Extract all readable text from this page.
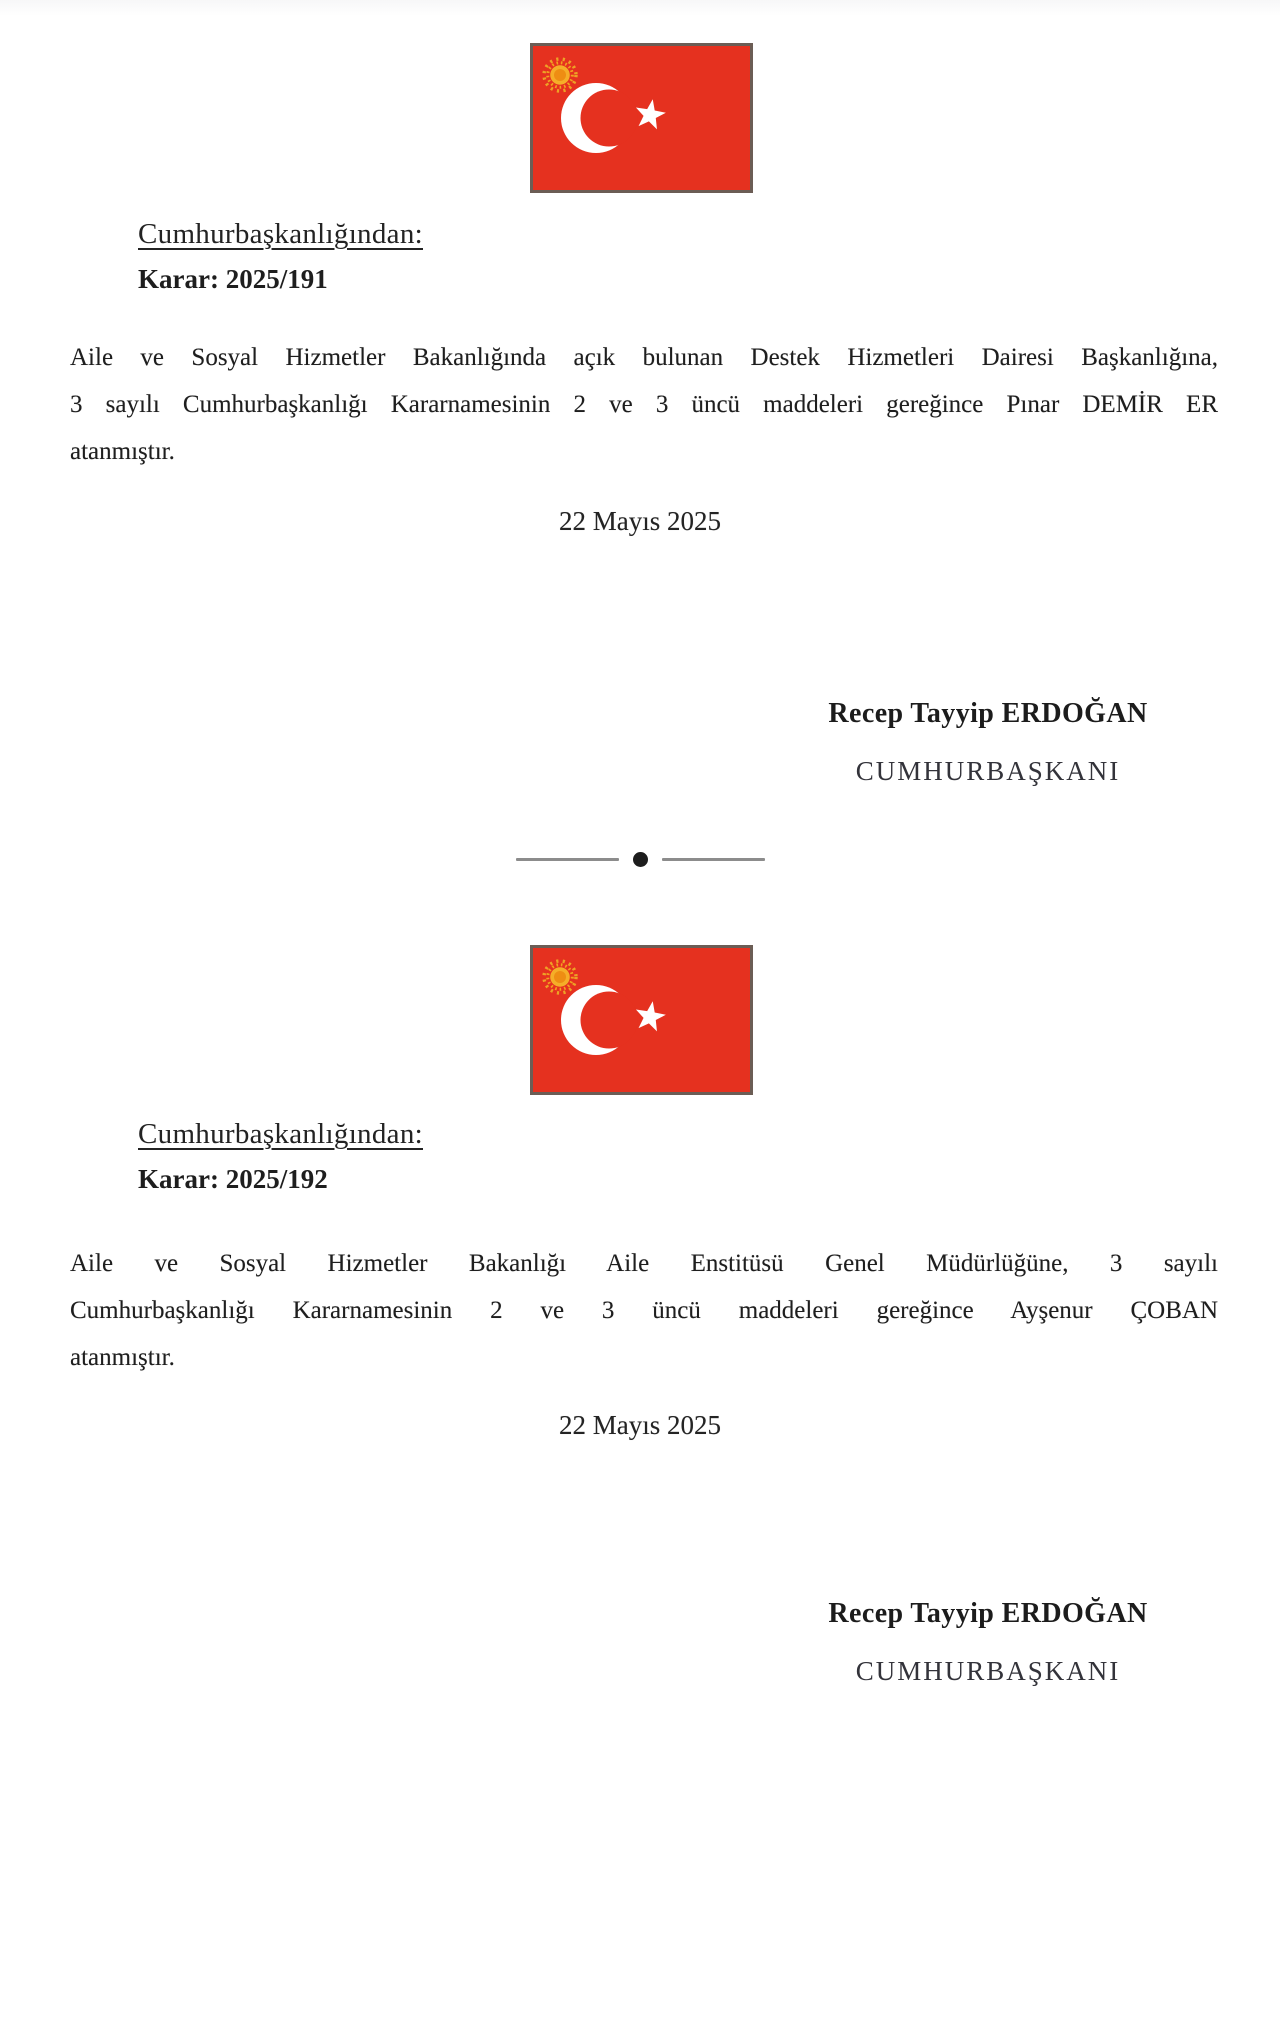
Cumhurbaşkanlığından:
Karar: 2025/191
Aile ve Sosyal Hizmetler Bakanlığında açık bulunan Destek Hizmetleri Dairesi Başkanlığına,
3 sayılı Cumhurbaşkanlığı Kararnamesinin 2 ve 3 üncü maddeleri gereğince Pınar DEMİR ER
atanmıştır.
22 Mayıs 2025
Recep Tayyip ERDOĞAN
CUMHURBAŞKANI
Cumhurbaşkanlığından:
Karar: 2025/192
Aile ve Sosyal Hizmetler Bakanlığı Aile Enstitüsü Genel Müdürlüğüne, 3 sayılı
Cumhurbaşkanlığı Kararnamesinin 2 ve 3 üncü maddeleri gereğince Ayşenur ÇOBAN
atanmıştır.
22 Mayıs 2025
Recep Tayyip ERDOĞAN
CUMHURBAŞKANI
